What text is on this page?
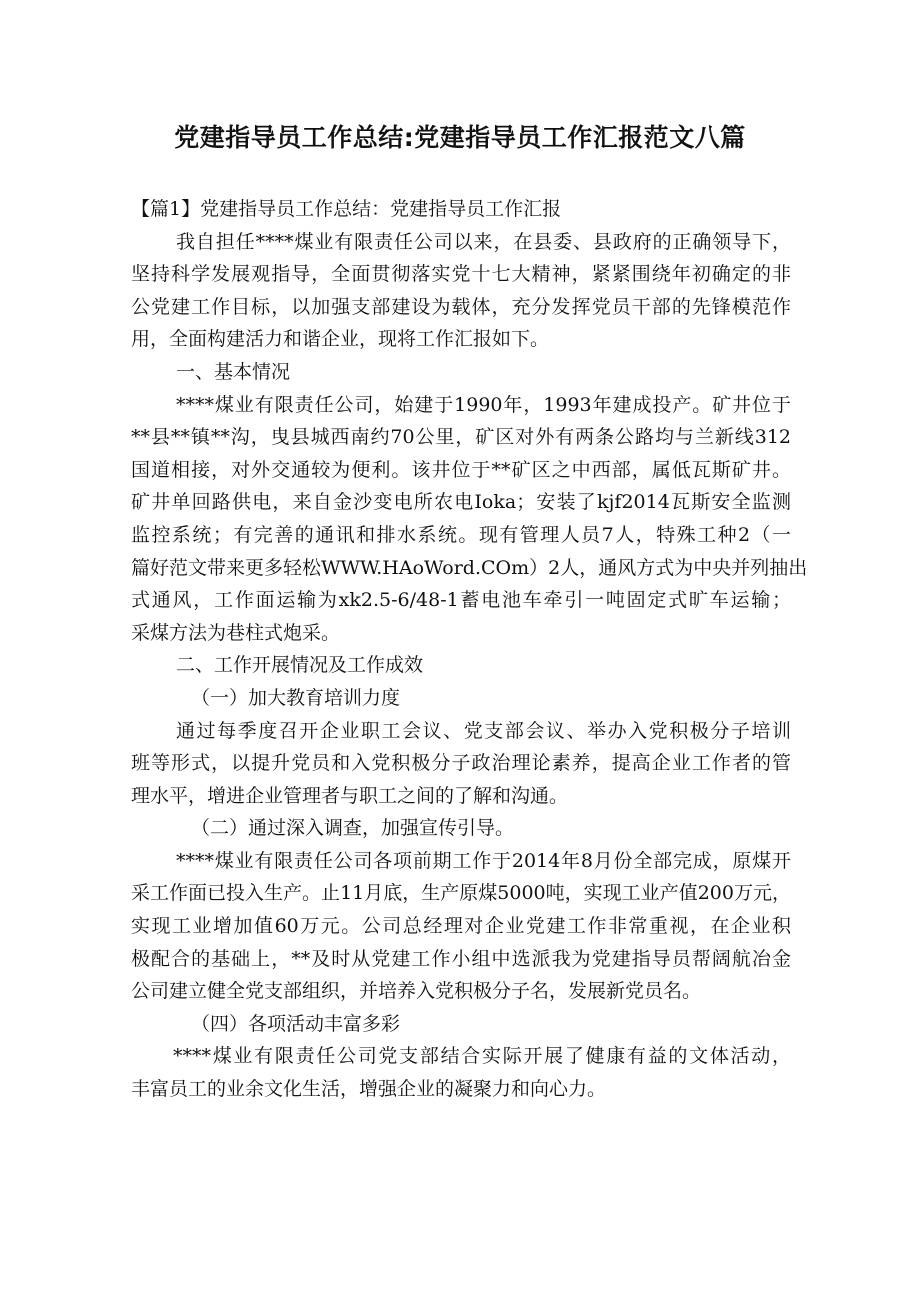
党建指导员工作总结:党建指导员工作汇报范文八篇
【篇1】党建指导员工作总结：党建指导员工作汇报
我自担任****煤业有限责任公司以来，在县委、县政府的正确领导下，
坚持科学发展观指导，全面贯彻落实党十七大精神，紧紧围绕年初确定的非
公党建工作目标，以加强支部建设为载体，充分发挥党员干部的先锋模范作
用，全面构建活力和谐企业，现将工作汇报如下。
一、基本情况
****煤业有限责任公司，始建于1990年，1993年建成投产。矿井位于
**县**镇**沟，曳县城西南约70公里，矿区对外有两条公路均与兰新线312
国道相接，对外交通较为便利。该井位于**矿区之中西部，属低瓦斯矿井。
矿井单回路供电，来自金沙变电所农电Ioka；安装了kjf2014瓦斯安全监测
监控系统；有完善的通讯和排水系统。现有管理人员7人，特殊工种2（一
篇好范文带来更多轻松WWW.HAoWord.COm）2人，通风方式为中央并列抽出
式通风，工作面运输为xk2.5-6/48-1蓄电池车牵引一吨固定式旷车运输；
采煤方法为巷柱式炮采。
二、工作开展情况及工作成效
（一）加大教育培训力度
通过每季度召开企业职工会议、党支部会议、举办入党积极分子培训
班等形式，以提升党员和入党积极分子政治理论素养，提高企业工作者的管
理水平，增进企业管理者与职工之间的了解和沟通。
（二）通过深入调查，加强宣传引导。
****煤业有限责任公司各项前期工作于2014年8月份全部完成，原煤开
采工作面已投入生产。止11月底，生产原煤5000吨，实现工业产值200万元，
实现工业增加值60万元。公司总经理对企业党建工作非常重视，在企业积
极配合的基础上，**及时从党建工作小组中选派我为党建指导员帮阔航冶金
公司建立健全党支部组织，并培养入党积极分子名，发展新党员名。
（四）各项活动丰富多彩
****煤业有限责任公司党支部结合实际开展了健康有益的文体活动，
丰富员工的业余文化生活，增强企业的凝聚力和向心力。
